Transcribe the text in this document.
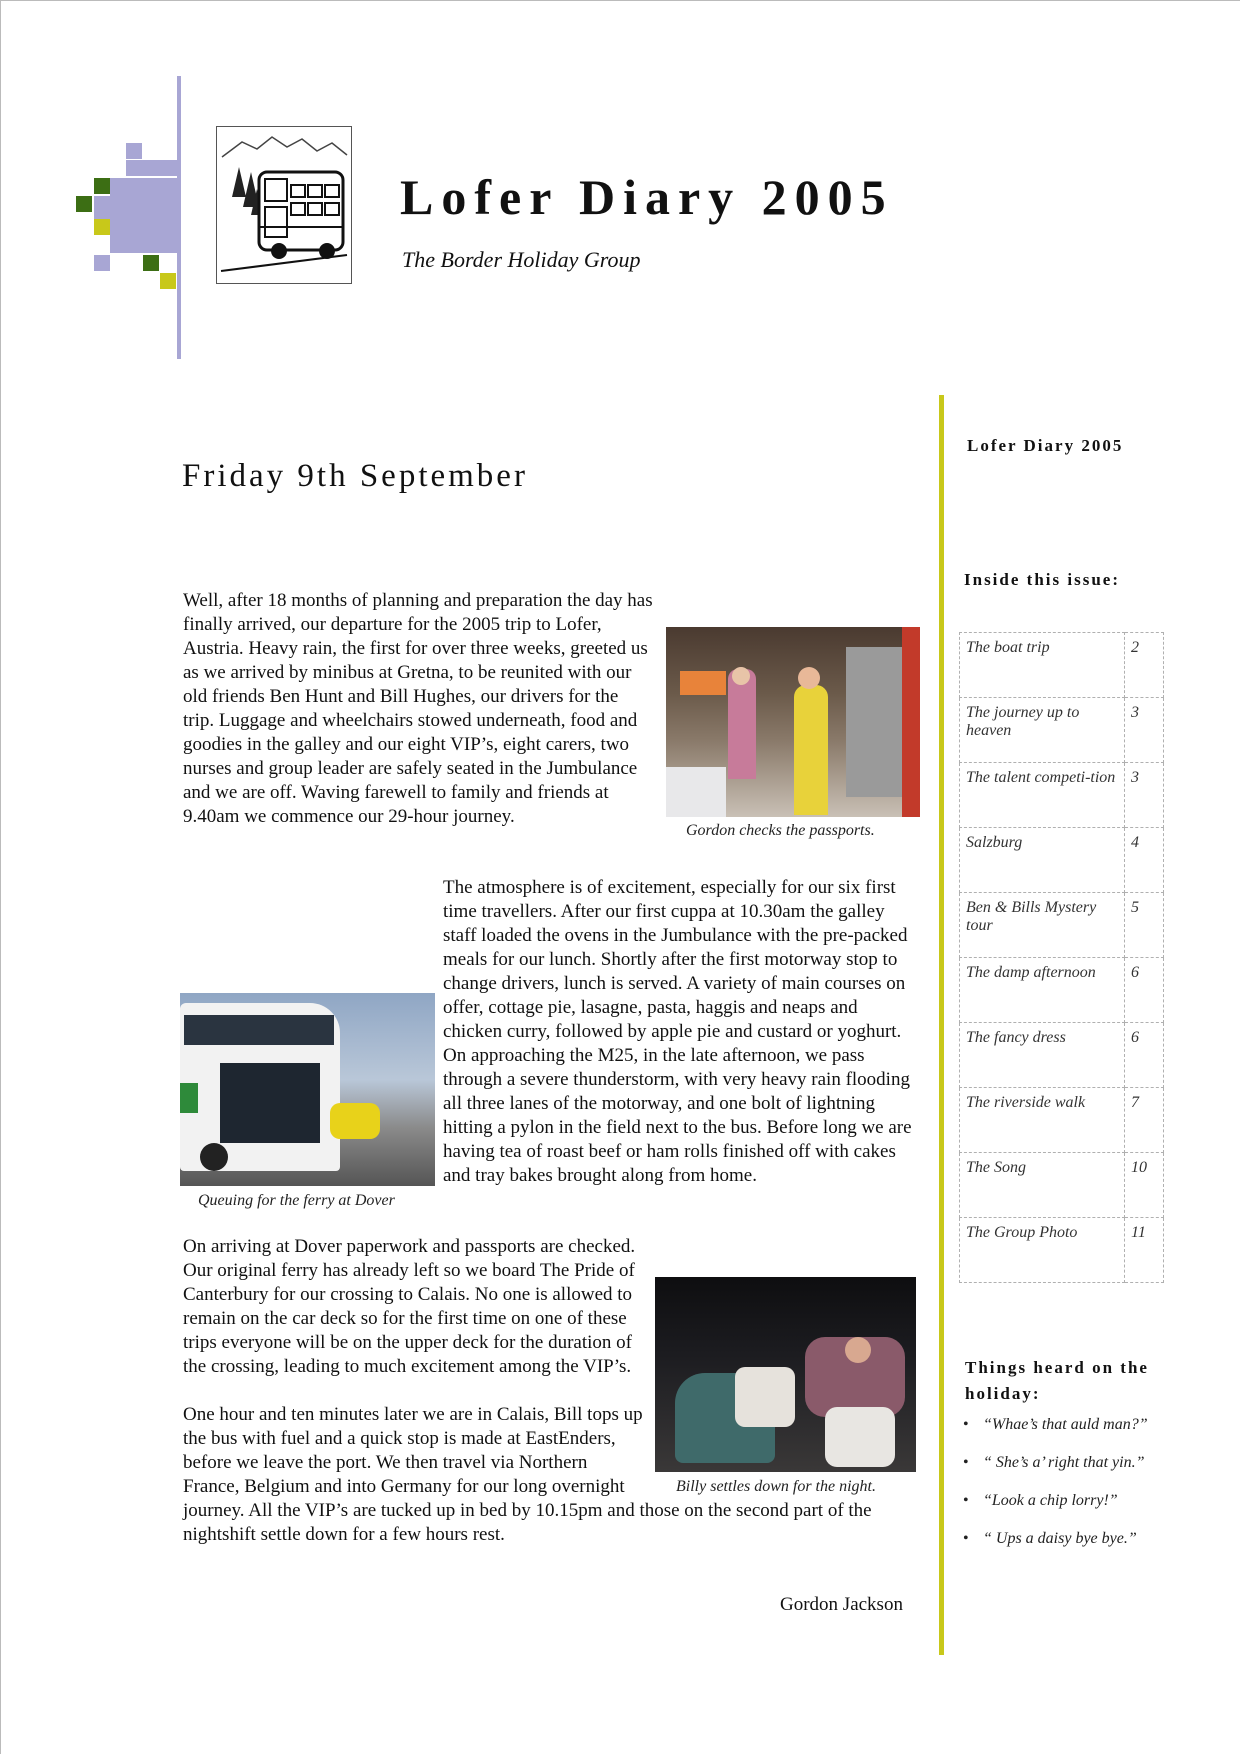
Lofer Diary 2005
The Border Holiday Group
Lofer Diary 2005
Inside this issue:
The boat trip	2
The journey up to heaven	3
The talent competi-tion	3
Salzburg	4
Ben & Bills Mystery tour	5
The damp afternoon	6
The fancy dress	6
The riverside walk	7
The Song	10
The Group Photo	11
Things heard on the holiday:
• “Whae’s that auld man?”
• “ She’s a’ right that yin.”
• “Look a chip lorry!”
• “ Ups a daisy bye bye.”
Friday 9th September
Gordon checks the passports.
Queuing for the ferry at Dover
Billy settles down for the night.
Well, after 18 months of planning and preparation the day has finally arrived, our departure for the 2005 trip to Lofer, Austria. Heavy rain, the first for over three weeks, greeted us as we arrived by minibus at Gretna, to be reunited with our old friends Ben Hunt and Bill Hughes, our drivers for the trip. Luggage and wheelchairs stowed underneath, food and goodies in the galley and our eight VIP’s, eight carers, two nurses and group leader are safely seated in the Jumbulance and we are off. Waving farewell to family and friends at 9.40am we commence our 29-hour journey.
The atmosphere is of excitement, especially for our six first time travellers. After our first cuppa at 10.30am the galley staff loaded the ovens in the Jumbulance with the pre-packed meals for our lunch. Shortly after the first motorway stop to change drivers, lunch is served. A variety of main courses on offer, cottage pie, lasagne, pasta, haggis and neaps and chicken curry, followed by apple pie and custard or yoghurt.
On approaching the M25, in the late afternoon, we pass through a severe thunderstorm, with very heavy rain flooding all three lanes of the motorway, and one bolt of lightning hitting a pylon in the field next to the bus. Before long we are having tea of roast beef or ham rolls finished off with cakes and tray bakes brought along from home.
On arriving at Dover paperwork and passports are checked. Our original ferry has already left so we board The Pride of Canterbury for our crossing to Calais. No one is allowed to remain on the car deck so for the first time on one of these trips everyone will be on the upper deck for the duration of the crossing, leading to much excitement among the VIP’s.
One hour and ten minutes later we are in Calais, Bill tops up the bus with fuel and a quick stop is made at EastEnders, before we leave the port. We then travel via Northern France, Belgium and into Germany for our long overnight journey. All the VIP’s are tucked up in bed by 10.15pm and those on the second part of the nightshift settle down for a few hours rest.
Gordon Jackson
